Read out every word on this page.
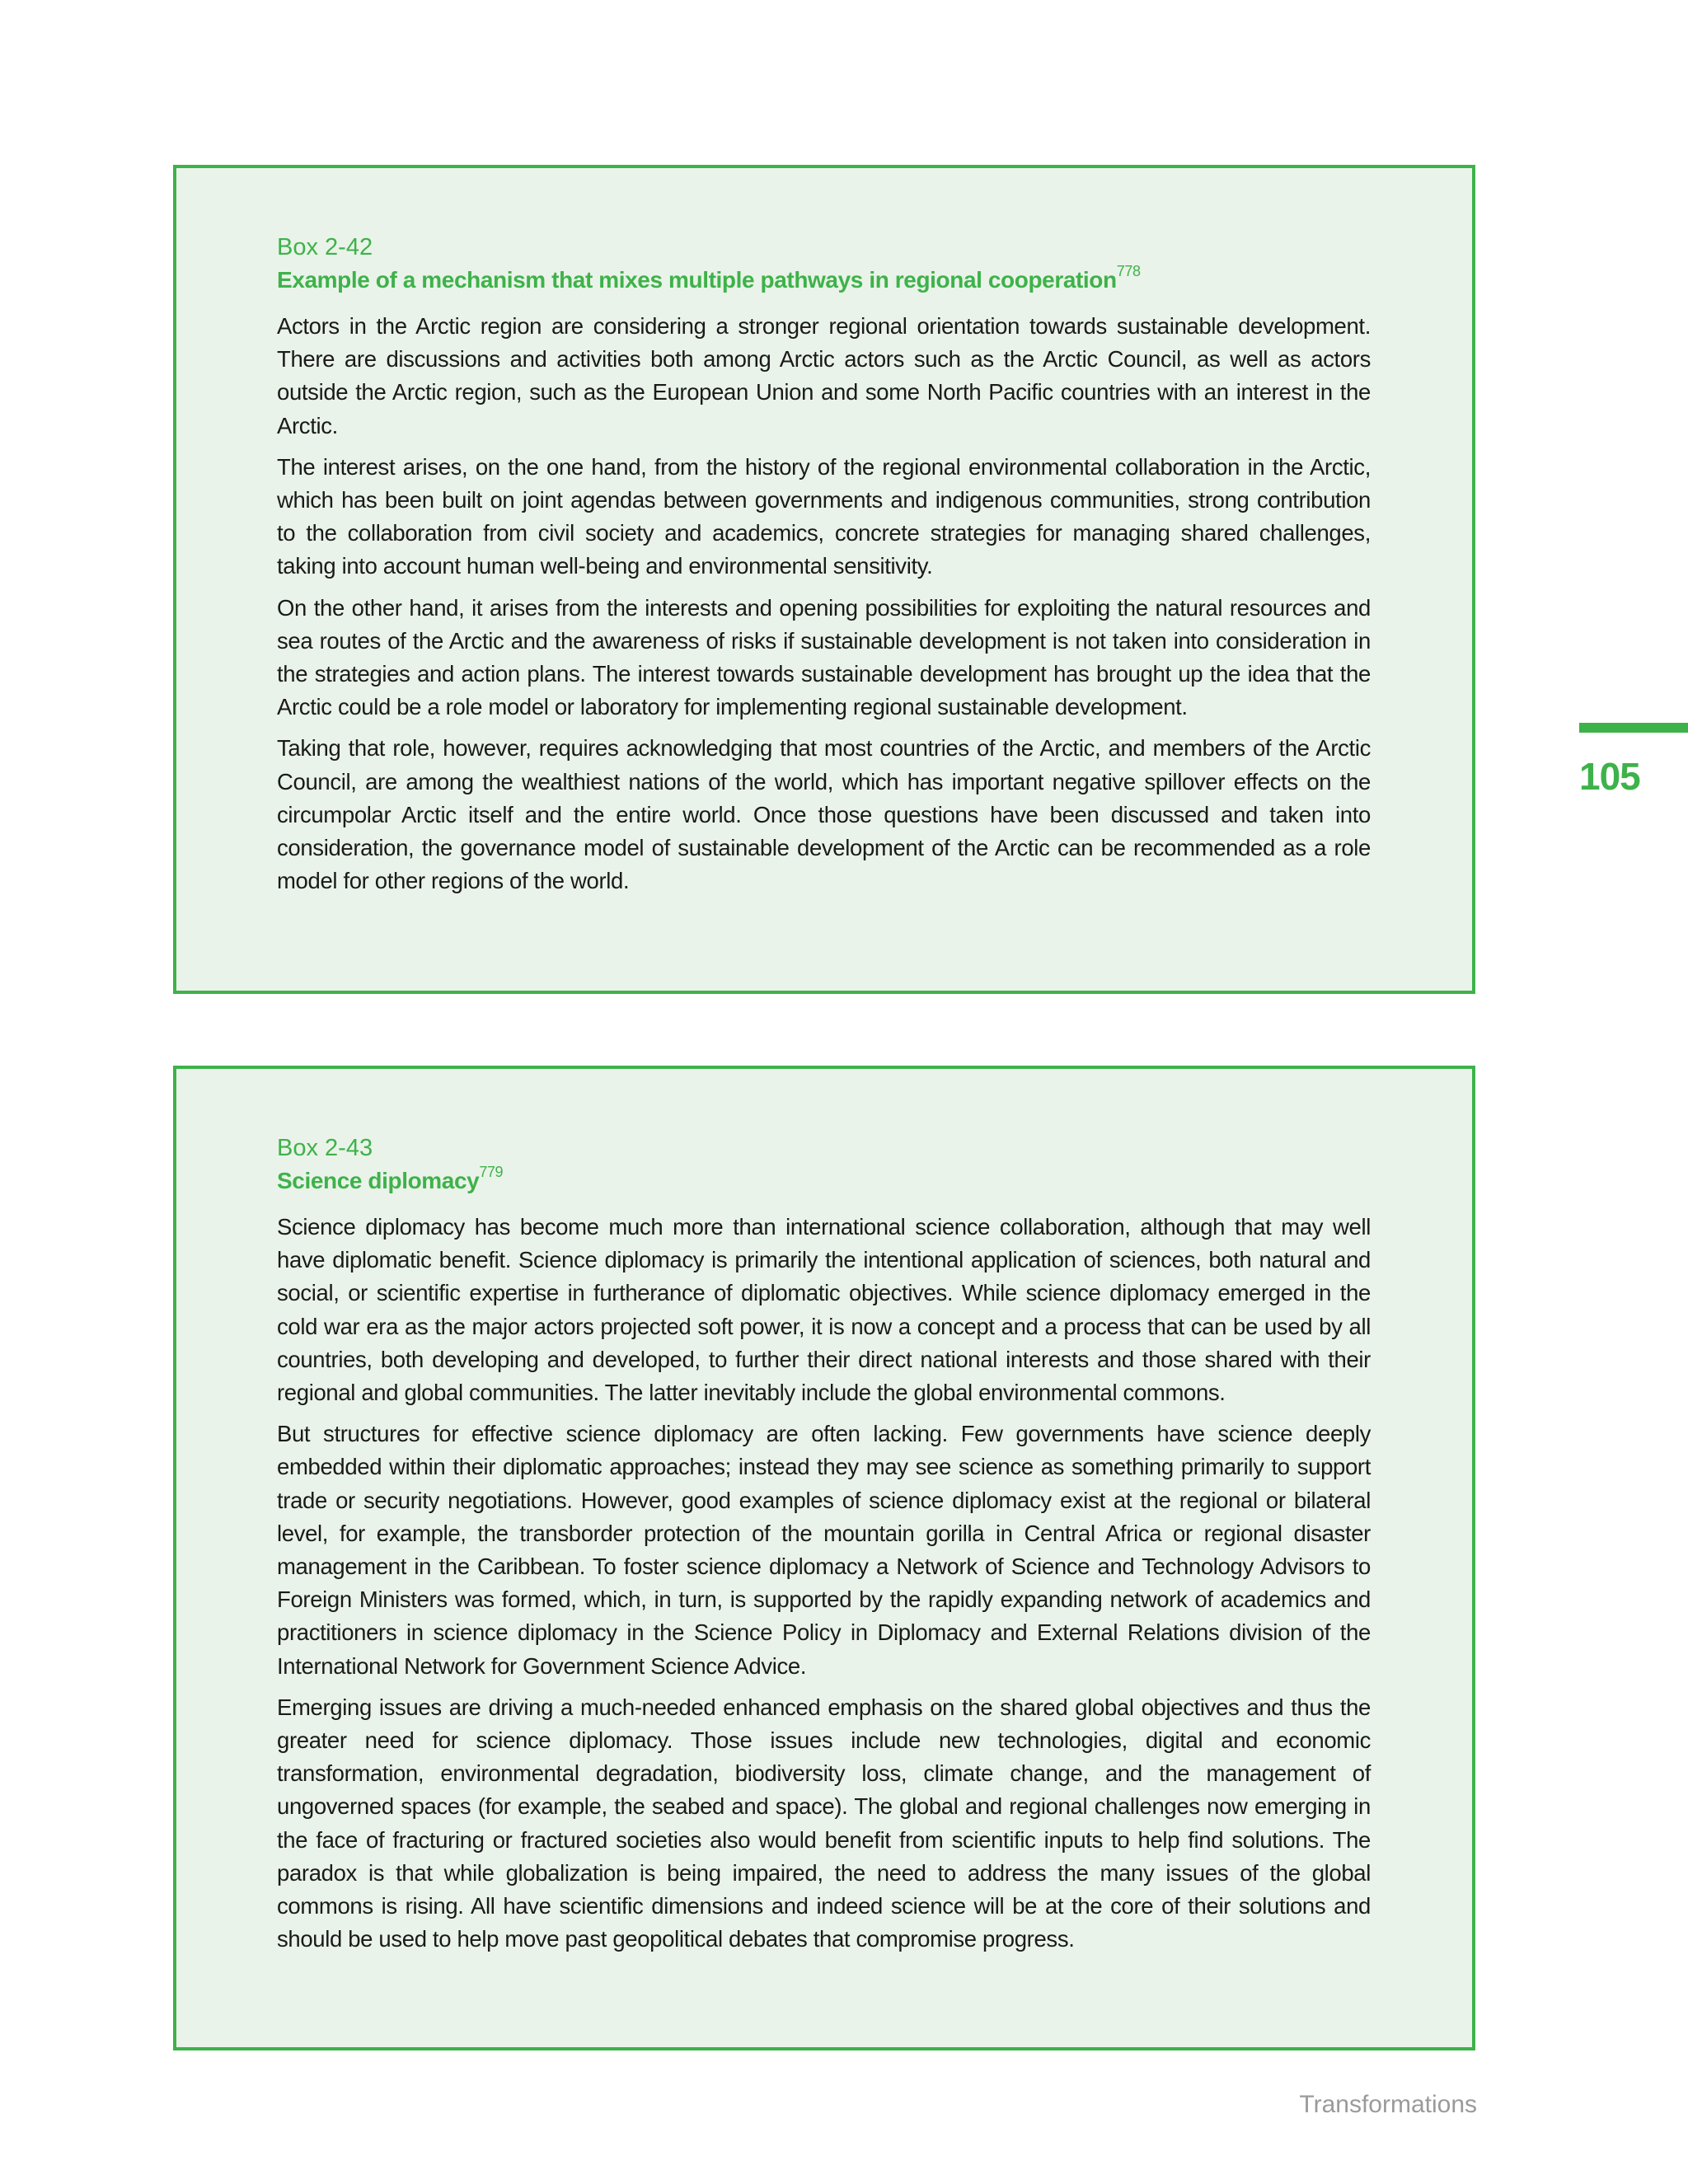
Box 2-42

Example of a mechanism that mixes multiple pathways in regional cooperation$^{778}$

Actors in the Arctic region are considering a stronger regional orientation towards sustainable development. There are discussions and activities both among Arctic actors such as the Arctic Council, as well as actors outside the Arctic region, such as the European Union and some North Pacific countries with an interest in the Arctic.

The interest arises, on the one hand, from the history of the regional environmental collaboration in the Arctic, which has been built on joint agendas between governments and indigenous communities, strong contribution to the collaboration from civil society and academics, concrete strategies for managing shared challenges, taking into account human well-being and environmental sensitivity.

On the other hand, it arises from the interests and opening possibilities for exploiting the natural resources and sea routes of the Arctic and the awareness of risks if sustainable development is not taken into consideration in the strategies and action plans. The interest towards sustainable development has brought up the idea that the Arctic could be a role model or laboratory for implementing regional sustainable development.

Taking that role, however, requires acknowledging that most countries of the Arctic, and members of the Arctic Council, are among the wealthiest nations of the world, which has important negative spillover effects on the circumpolar Arctic itself and the entire world. Once those questions have been discussed and taken into consideration, the governance model of sustainable development of the Arctic can be recommended as a role model for other regions of the world.

Box 2-43

Science diplomacy$^{779}$

Science diplomacy has become much more than international science collaboration, although that may well have diplomatic benefit. Science diplomacy is primarily the intentional application of sciences, both natural and social, or scientific expertise in furtherance of diplomatic objectives. While science diplomacy emerged in the cold war era as the major actors projected soft power, it is now a concept and a process that can be used by all countries, both developing and developed, to further their direct national interests and those shared with their regional and global communities. The latter inevitably include the global environmental commons.

But structures for effective science diplomacy are often lacking. Few governments have science deeply embedded within their diplomatic approaches; instead they may see science as something primarily to support trade or security negotiations. However, good examples of science diplomacy exist at the regional or bilateral level, for example, the transborder protection of the mountain gorilla in Central Africa or regional disaster management in the Caribbean. To foster science diplomacy a Network of Science and Technology Advisors to Foreign Ministers was formed, which, in turn, is supported by the rapidly expanding network of academics and practitioners in science diplomacy in the Science Policy in Diplomacy and External Relations division of the International Network for Government Science Advice.

Emerging issues are driving a much-needed enhanced emphasis on the shared global objectives and thus the greater need for science diplomacy. Those issues include new technologies, digital and economic transformation, environmental degradation, biodiversity loss, climate change, and the management of ungoverned spaces (for example, the seabed and space). The global and regional challenges now emerging in the face of fracturing or fractured societies also would benefit from scientific inputs to help find solutions. The paradox is that while globalization is being impaired, the need to address the many issues of the global commons is rising. All have scientific dimensions and indeed science will be at the core of their solutions and should be used to help move past geopolitical debates that compromise progress.

105
Transformations
